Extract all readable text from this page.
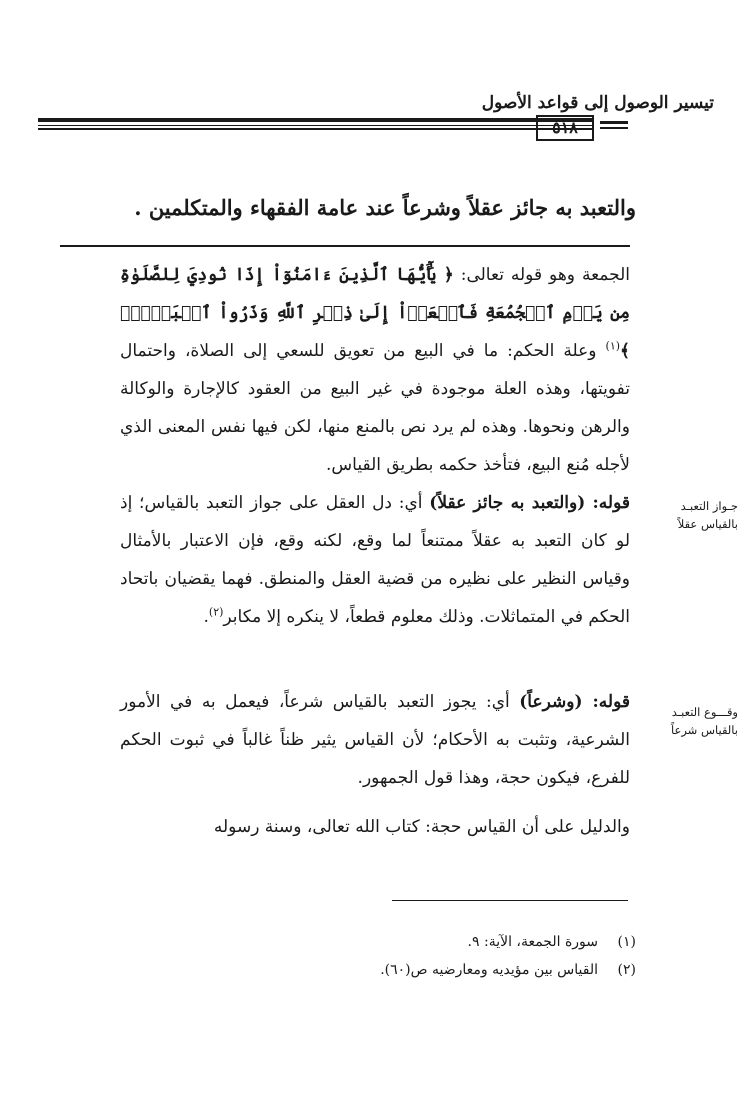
تيسير الوصول إلى قواعد الأصول
٥١٨
والتعبد به جائز عقلاً وشرعاً عند عامة الفقهاء والمتكلمين .

الجمعة وهو قوله تعالى: ﴿ يَٰٓأَيُّهَا ٱلَّذِينَ ءَامَنُوٓاْ إِذَا نُودِيَ لِلصَّلَوٰةِ مِن يَوۡمِ ٱلۡجُمُعَةِ فَٱسۡعَوۡاْ إِلَىٰ ذِكۡرِ ٱللَّهِ وَذَرُواْ ٱلۡبَيۡعَۚ ﴾$^{(١)}$ وعلة الحكم: ما في البيع من تعويق للسعي إلى الصلاة، واحتمال تفويتها، وهذه العلة موجودة في غير البيع من العقود كالإجارة والوكالة والرهن ونحوها. وهذه لم يرد نص بالمنع منها، لكن فيها نفس المعنى الذي لأجله مُنع البيع، فتأخذ حكمه بطريق القياس.

جـواز التعبـد بالقياس عقلاً

قوله: (والتعبد به جائز عقلاً) أي: دل العقل على جواز التعبد بالقياس؛ إذ لو كان التعبد به عقلاً ممتنعاً لما وقع، لكنه وقع، فإن الاعتبار بالأمثال وقياس النظير على نظيره من قضية العقل والمنطق. فهما يقضيان باتحاد الحكم في المتماثلات. وذلك معلوم قطعاً، لا ينكره إلا مكابر$^{(٢)}$.

وقـــوع التعبـد بالقياس شرعاً

قوله: (وشرعاً) أي: يجوز التعبد بالقياس شرعاً، فيعمل به في الأمور الشرعية، وتثبت به الأحكام؛ لأن القياس يثير ظناً غالباً في ثبوت الحكم للفرع، فيكون حجة، وهذا قول الجمهور.

والدليل على أن القياس حجة: كتاب الله تعالى، وسنة رسوله

(١)سورة الجمعة، الآية: ٩.
(٢)القياس بين مؤيديه ومعارضيه ص(٦٠).
